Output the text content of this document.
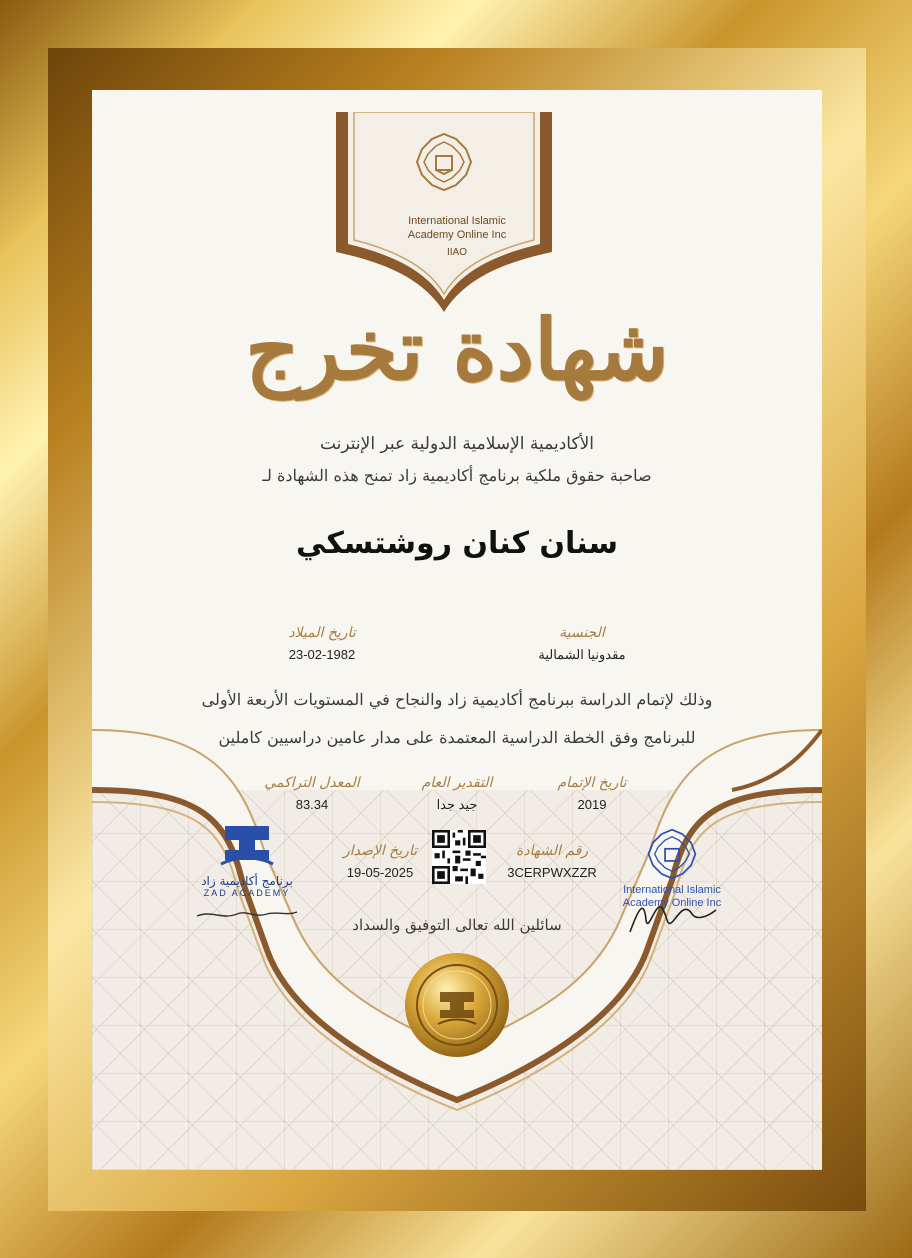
International Islamic
Academy Online Inc
IIAO
شهادة تخرج
الأكاديمية الإسلامية الدولية عبر الإنترنت
صاحبة حقوق ملكية برنامج أكاديمية زاد تمنح هذه الشهادة لـ
سنان كنان روشتسكي
الجنسية
مقدونيا الشمالية
تاريخ الميلاد
23-02-1982
وذلك لإتمام الدراسة ببرنامج أكاديمية زاد والنجاح في المستويات الأربعة الأولى
للبرنامج وفق الخطة الدراسية المعتمدة على مدار عامين دراسيين كاملين
تاريخ الإتمام
2019
التقدير العام
جيد جدا
المعدل التراكمي
83.34
رقم الشهادة
3CERPWXZZR
تاريخ الإصدار
19-05-2025
برنامج أكاديمية زاد
ZAD ACADEMY	International Islamic
Academy Online Inc
سائلين الله تعالى التوفيق والسداد
